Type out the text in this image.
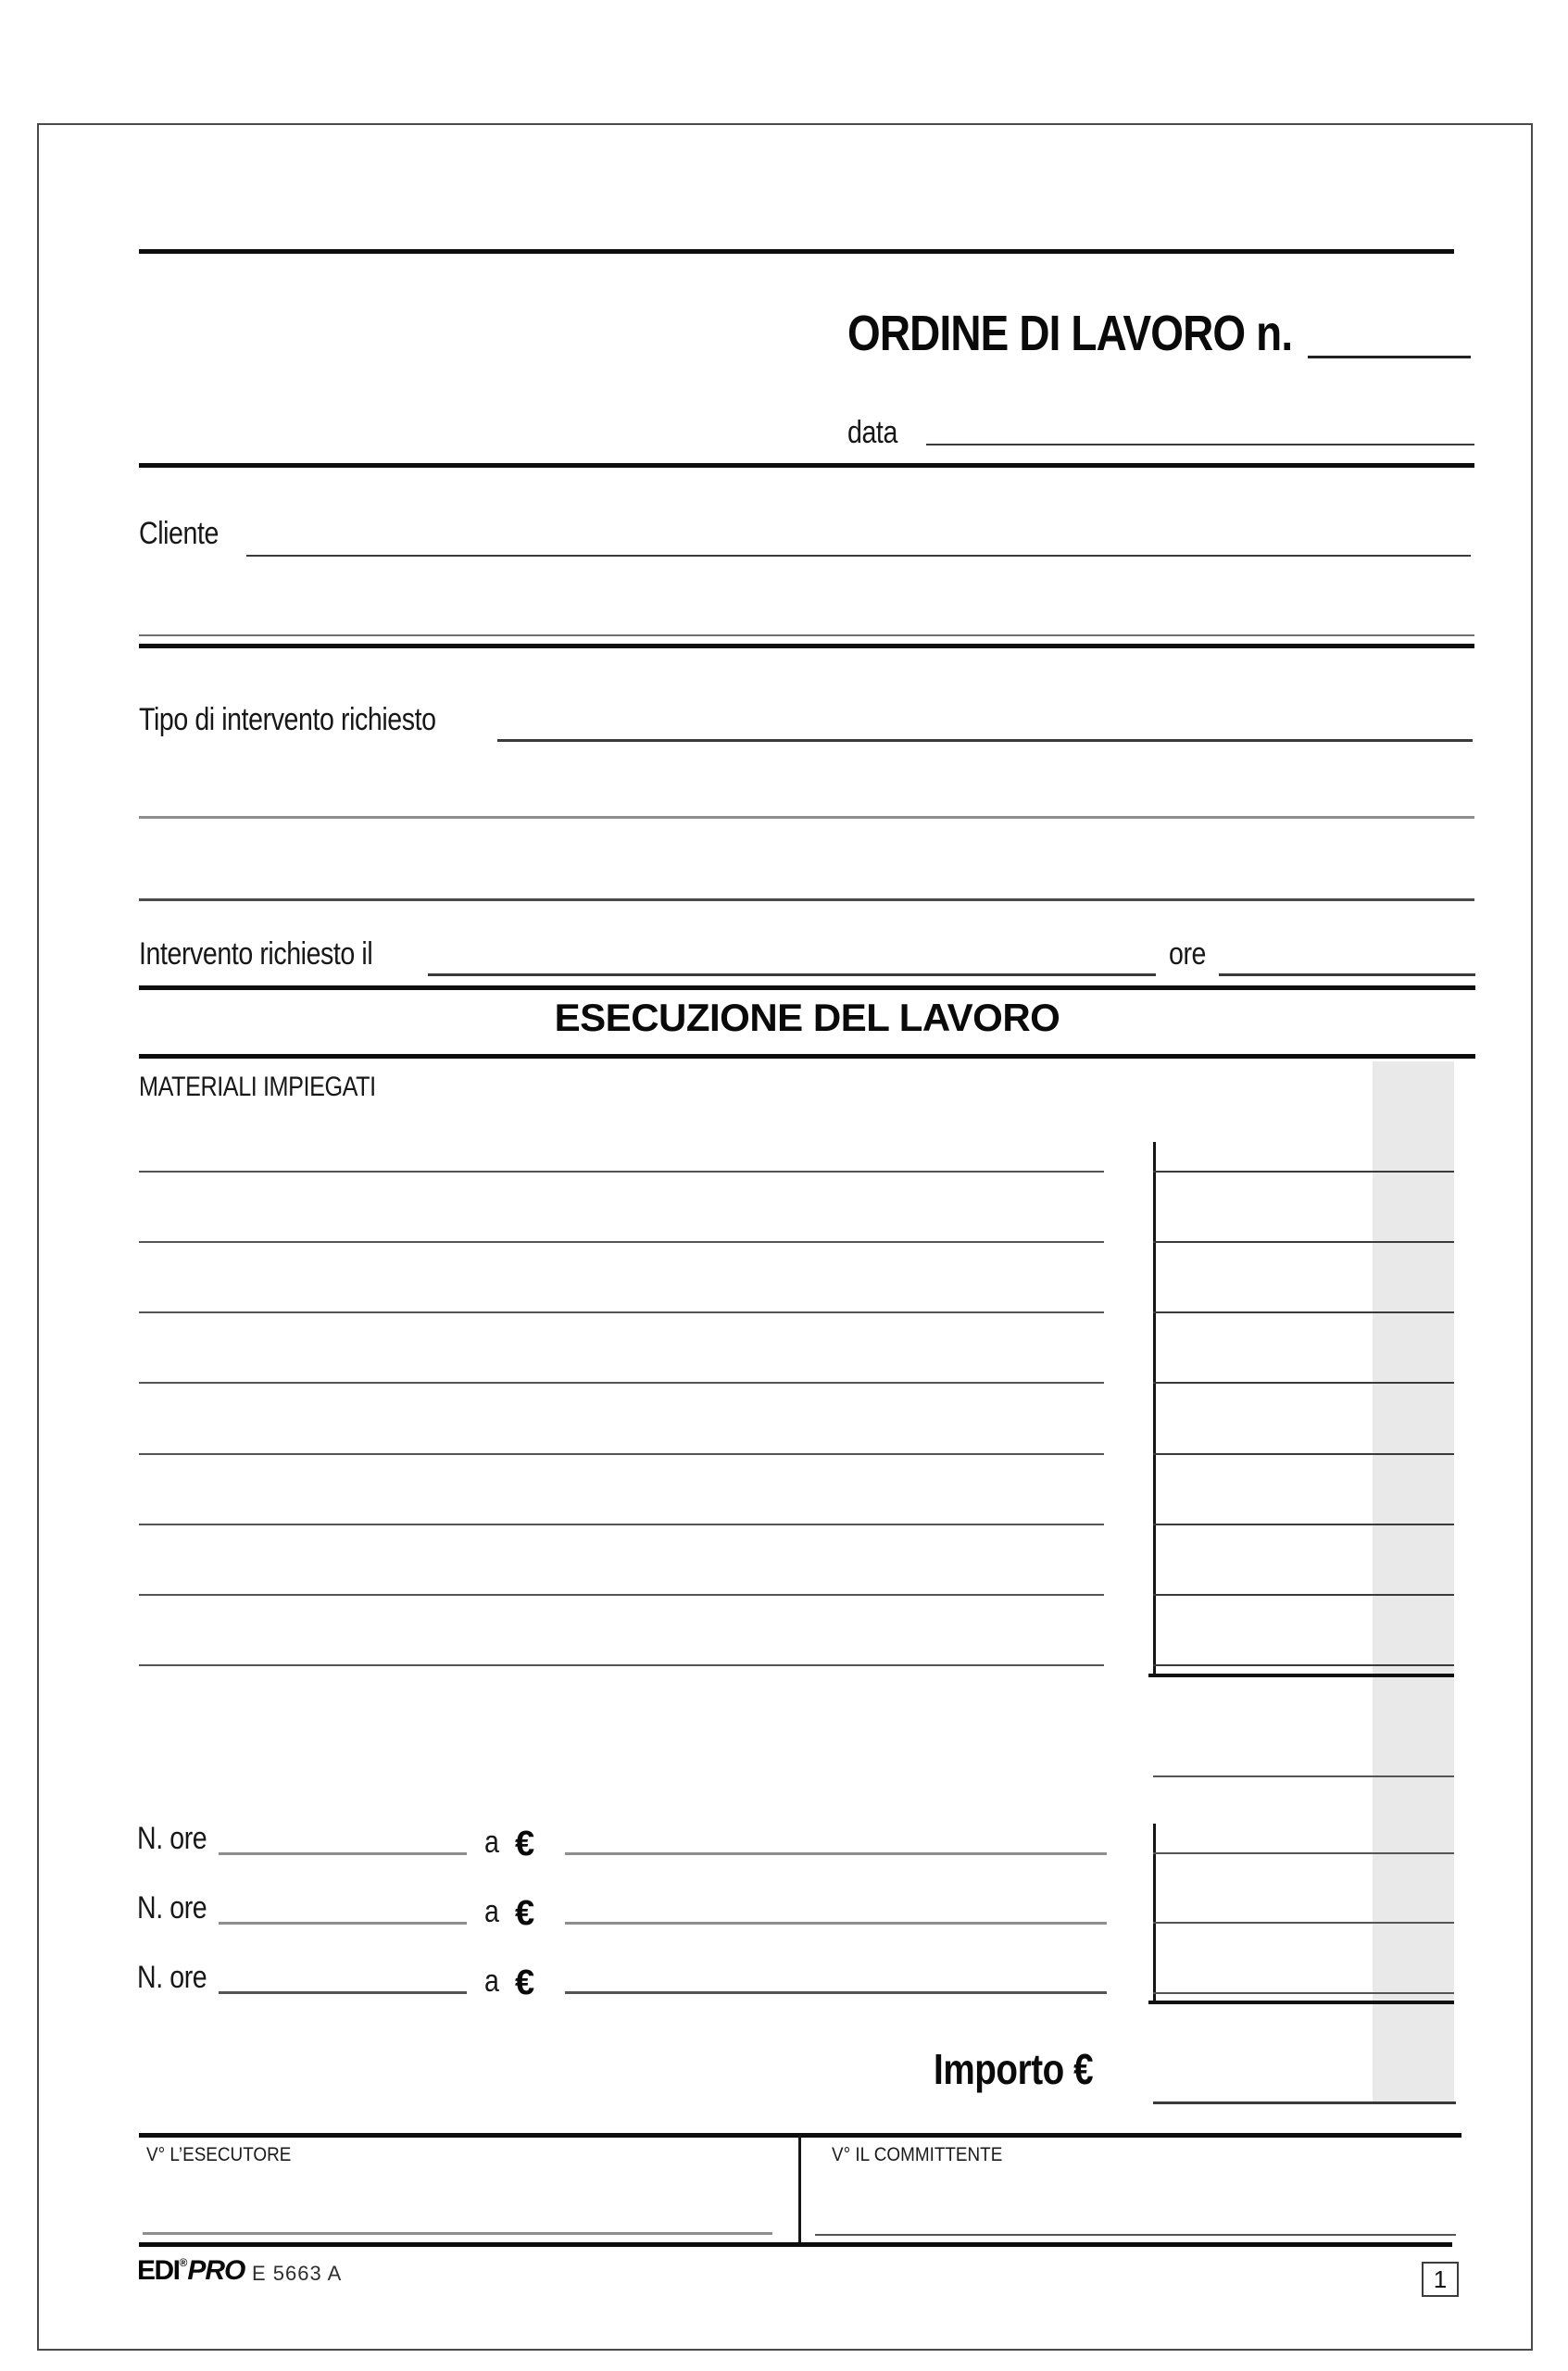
ORDINE DI LAVORO n.
data
Cliente
Tipo di intervento richiesto
Intervento richiesto il	ore
ESECUZIONE DEL LAVORO
MATERIALI IMPIEGATI
N. ore	a €
N. ore	a €
N. ore	a €
Importo €
V° L’ESECUTORE	V° IL COMMITTENTE
EDI®PRO E 5663 A	1
